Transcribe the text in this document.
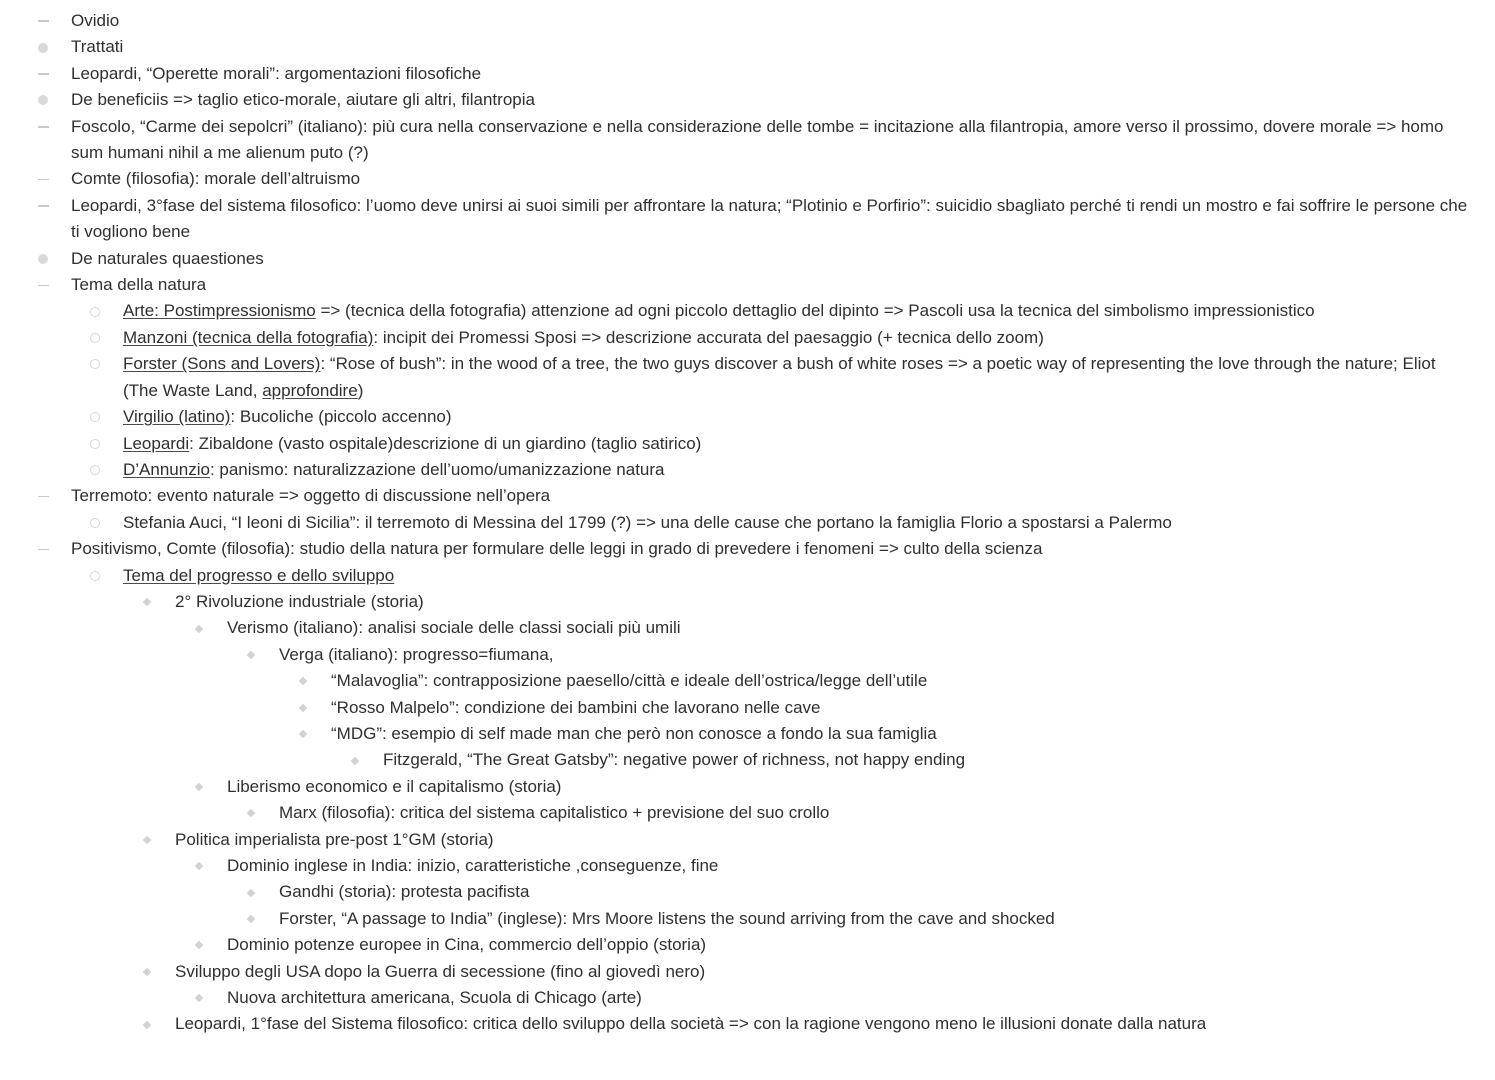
Ovidio
Trattati
Leopardi, “Operette morali”: argomentazioni filosofiche
De beneficiis => taglio etico-morale, aiutare gli altri, filantropia
Foscolo, “Carme dei sepolcri” (italiano): più cura nella conservazione e nella considerazione delle tombe = incitazione alla filantropia, amore verso il prossimo, dovere morale => homo sum humani nihil a me alienum puto (?)
Comte (filosofia): morale dell’altruismo
Leopardi, 3°fase del sistema filosofico: l’uomo deve unirsi ai suoi simili per affrontare la natura; “Plotinio e Porfirio”: suicidio sbagliato perché ti rendi un mostro e fai soffrire le persone che ti vogliono bene
De naturales quaestiones
Tema della natura
Arte: Postimpressionismo => (tecnica della fotografia) attenzione ad ogni piccolo dettaglio del dipinto => Pascoli usa la tecnica del simbolismo impressionistico
Manzoni (tecnica della fotografia): incipit dei Promessi Sposi => descrizione accurata del paesaggio (+ tecnica dello zoom)
Forster (Sons and Lovers): “Rose of bush”: in the wood of a tree, the two guys discover a bush of white roses => a poetic way of representing the love through the nature; Eliot (The Waste Land, approfondire)
Virgilio (latino): Bucoliche (piccolo accenno)
Leopardi: Zibaldone (vasto ospitale)descrizione di un giardino (taglio satirico)
D’Annunzio: panismo: naturalizzazione dell’uomo/umanizzazione natura
Terremoto: evento naturale => oggetto di discussione nell’opera
Stefania Auci, “I leoni di Sicilia”: il terremoto di Messina del 1799 (?) => una delle cause che portano la famiglia Florio a spostarsi a Palermo
Positivismo, Comte (filosofia): studio della natura per formulare delle leggi in grado di prevedere i fenomeni => culto della scienza
Tema del progresso e dello sviluppo
2° Rivoluzione industriale (storia)
Verismo (italiano): analisi sociale delle classi sociali più umili
Verga (italiano): progresso=fiumana,
“Malavoglia”: contrapposizione paesello/città e ideale dell’ostrica/legge dell’utile
“Rosso Malpelo”: condizione dei bambini che lavorano nelle cave
“MDG”: esempio di self made man che però non conosce a fondo la sua famiglia
Fitzgerald, “The Great Gatsby”: negative power of richness, not happy ending
Liberismo economico e il capitalismo (storia)
Marx (filosofia): critica del sistema capitalistico + previsione del suo crollo
Politica imperialista pre-post 1°GM (storia)
Dominio inglese in India: inizio, caratteristiche ,conseguenze, fine
Gandhi (storia): protesta pacifista
Forster, “A passage to India” (inglese): Mrs Moore listens the sound arriving from the cave and shocked
Dominio potenze europee in Cina, commercio dell’oppio (storia)
Sviluppo degli USA dopo la Guerra di secessione (fino al giovedì nero)
Nuova architettura americana, Scuola di Chicago (arte)
Leopardi, 1°fase del Sistema filosofico: critica dello sviluppo della società => con la ragione vengono meno le illusioni donate dalla natura
